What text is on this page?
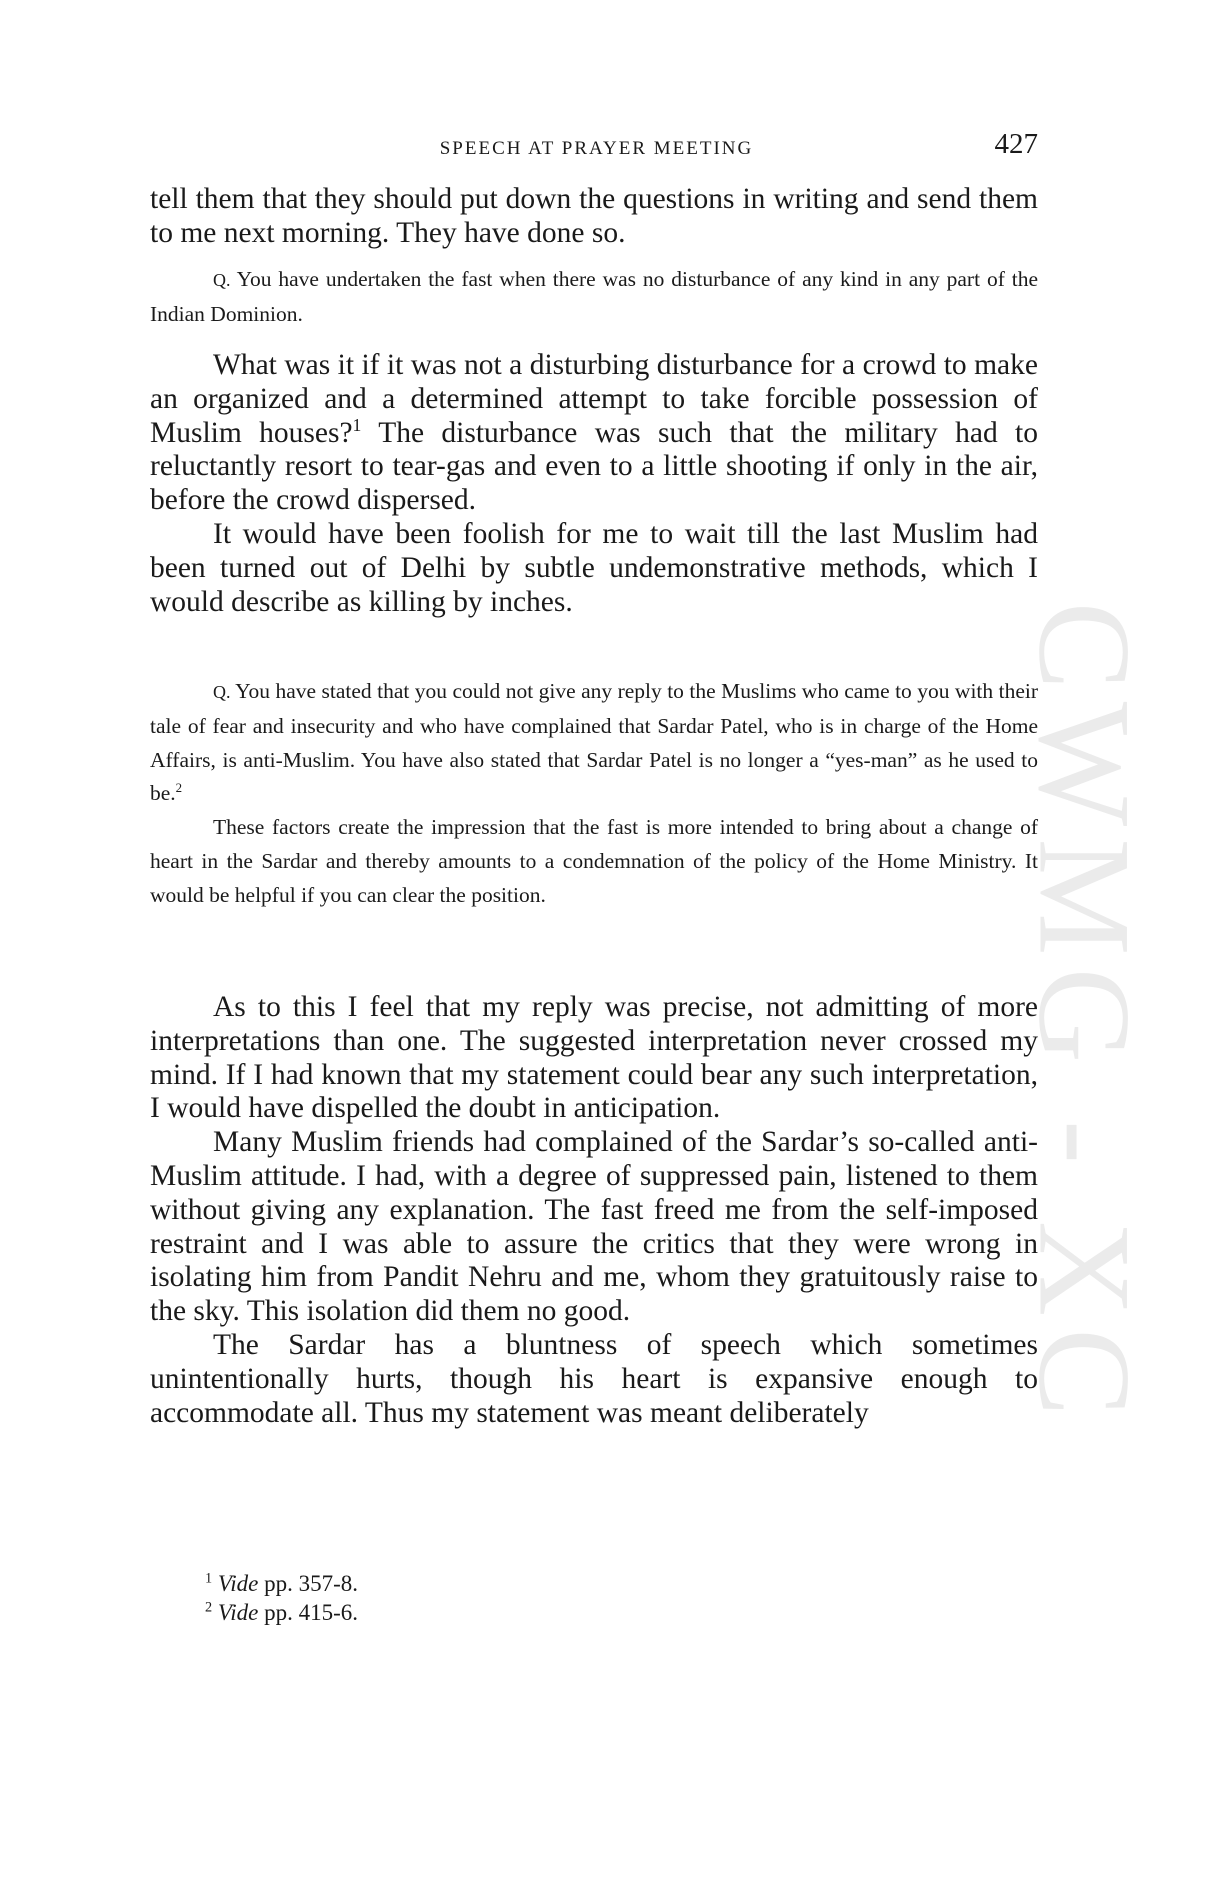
CWMG - XC
SPEECH AT PRAYER MEETING	427

tell them that they should put down the questions in writing and send them to me next morning. They have done so.

Q. You have undertaken the fast when there was no disturbance of any kind in any part of the Indian Dominion.

What was it if it was not a disturbing disturbance for a crowd to make an organized and a determined attempt to take forcible possession of Muslim houses?$^1$ The disturbance was such that the military had to reluctantly resort to tear-gas and even to a little shooting if only in the air, before the crowd dispersed.

It would have been foolish for me to wait till the last Muslim had been turned out of Delhi by subtle undemonstrative methods, which I would describe as killing by inches.

Q. You have stated that you could not give any reply to the Muslims who came to you with their tale of fear and insecurity and who have complained that Sardar Patel, who is in charge of the Home Affairs, is anti-Muslim. You have also stated that Sardar Patel is no longer a “yes-man” as he used to be.$^2$

These factors create the impression that the fast is more intended to bring about a change of heart in the Sardar and thereby amounts to a condemnation of the policy of the Home Ministry. It would be helpful if you can clear the position.

As to this I feel that my reply was precise, not admitting of more interpretations than one. The suggested interpretation never crossed my mind. If I had known that my statement could bear any such interpretation, I would have dispelled the doubt in anticipation.

Many Muslim friends had complained of the Sardar’s so-called anti-Muslim attitude. I had, with a degree of suppressed pain, listened to them without giving any explanation. The fast freed me from the self-imposed restraint and I was able to assure the critics that they were wrong in isolating him from Pandit Nehru and me, whom they gratuitously raise to the sky. This isolation did them no good.

The Sardar has a bluntness of speech which sometimes unintentionally hurts, though his heart is expansive enough to accommodate all. Thus my statement was meant deliberately

$^1$ Vide pp. 357-8.

$^2$ Vide pp. 415-6.
